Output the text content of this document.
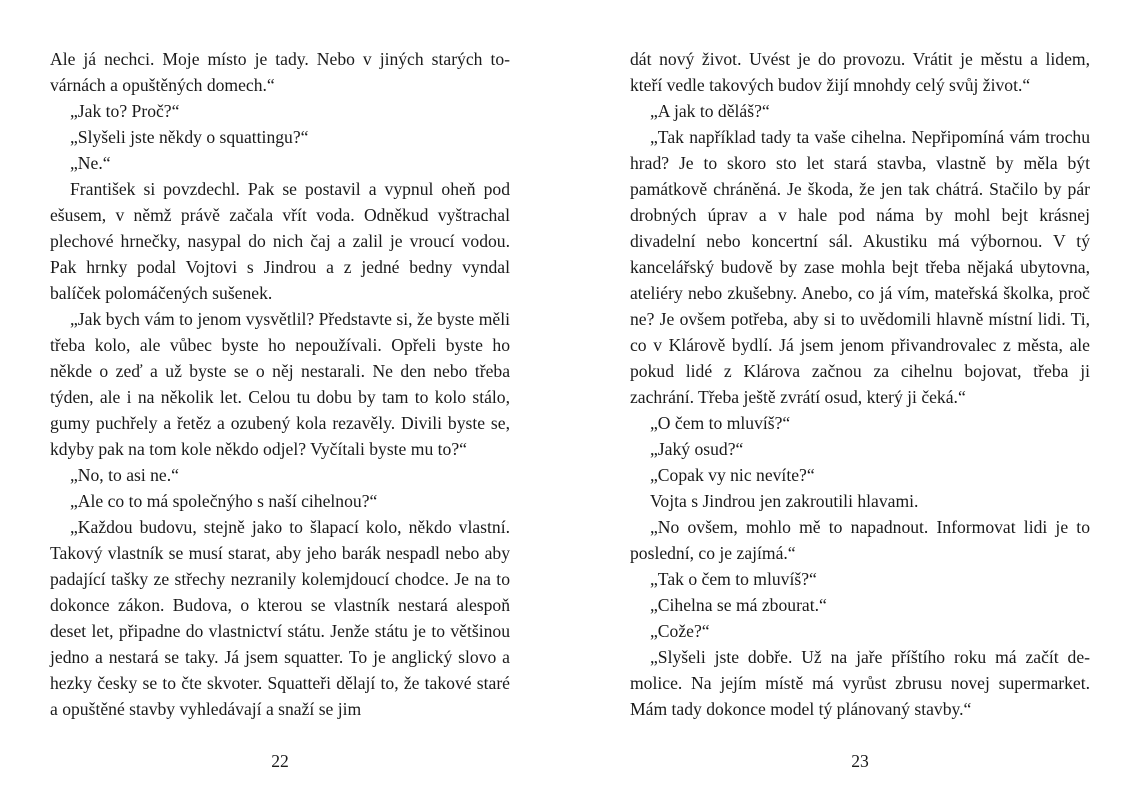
Ale já nechci. Moje místo je tady. Nebo v jiných starých továrnách a opuštěných domech.“

„Jak to? Proč?“

„Slyšeli jste někdy o squattingu?“

„Ne.“

František si povzdechl. Pak se postavil a vypnul oheň pod ešusem, v němž právě začala vřít voda. Odněkud vyštrachal plechové hrnečky, nasypal do nich čaj a zalil je vroucí vodou. Pak hrnky podal Vojtovi s Jindrou a z jedné bedny vyndal balíček polomáčených sušenek.

„Jak bych vám to jenom vysvětlil? Představte si, že byste měli třeba kolo, ale vůbec byste ho nepoužívali. Opřeli byste ho někde o zeď a už byste se o něj nestarali. Ne den nebo třeba týden, ale i na několik let. Celou tu dobu by tam to kolo stálo, gumy puchřely a řetěz a ozubený kola rezavěly. Divili byste se, kdyby pak na tom kole někdo odjel? Vyčítali byste mu to?“

„No, to asi ne.“

„Ale co to má společnýho s naší cihelnou?“

„Každou budovu, stejně jako to šlapací kolo, někdo vlastní. Takový vlastník se musí starat, aby jeho barák nespadl nebo aby padající tašky ze střechy nezranily kolemjdoucí chodce. Je na to dokonce zákon. Budova, o kterou se vlastník nestará alespoň deset let, připadne do vlastnictví státu. Jenže státu je to většinou jedno a nestará se taky. Já jsem squatter. To je anglický slovo a hezky česky se to čte skvoter. Squatteři dělají to, že takové staré a opuštěné stavby vyhledávají a snaží se jim

22

dát nový život. Uvést je do provozu. Vrátit je městu a lidem, kteří vedle takových budov žijí mnohdy celý svůj život.“

„A jak to děláš?“

„Tak například tady ta vaše cihelna. Nepřipomíná vám trochu hrad? Je to skoro sto let stará stavba, vlastně by měla být památkově chráněná. Je škoda, že jen tak chátrá. Stačilo by pár drobných úprav a v hale pod náma by mohl bejt krásnej divadelní nebo koncertní sál. Akustiku má výbornou. V tý kancelářský budově by zase mohla bejt třeba nějaká ubytovna, ateliéry nebo zkušebny. Anebo, co já vím, mateřská školka, proč ne? Je ovšem potřeba, aby si to uvědomili hlavně místní lidi. Ti, co v Klárově bydlí. Já jsem jenom přivandrovalec z města, ale pokud lidé z Klárova začnou za cihelnu bojovat, třeba ji zachrání. Třeba ještě zvrátí osud, který ji čeká.“

„O čem to mluvíš?“

„Jaký osud?“

„Copak vy nic nevíte?“

Vojta s Jindrou jen zakroutili hlavami.

„No ovšem, mohlo mě to napadnout. Informovat lidi je to poslední, co je zajímá.“

„Tak o čem to mluvíš?“

„Cihelna se má zbourat.“

„Cože?“

„Slyšeli jste dobře. Už na jaře příštího roku má začít demolice. Na jejím místě má vyrůst zbrusu novej supermarket. Mám tady dokonce model tý plánovaný stavby.“

23
